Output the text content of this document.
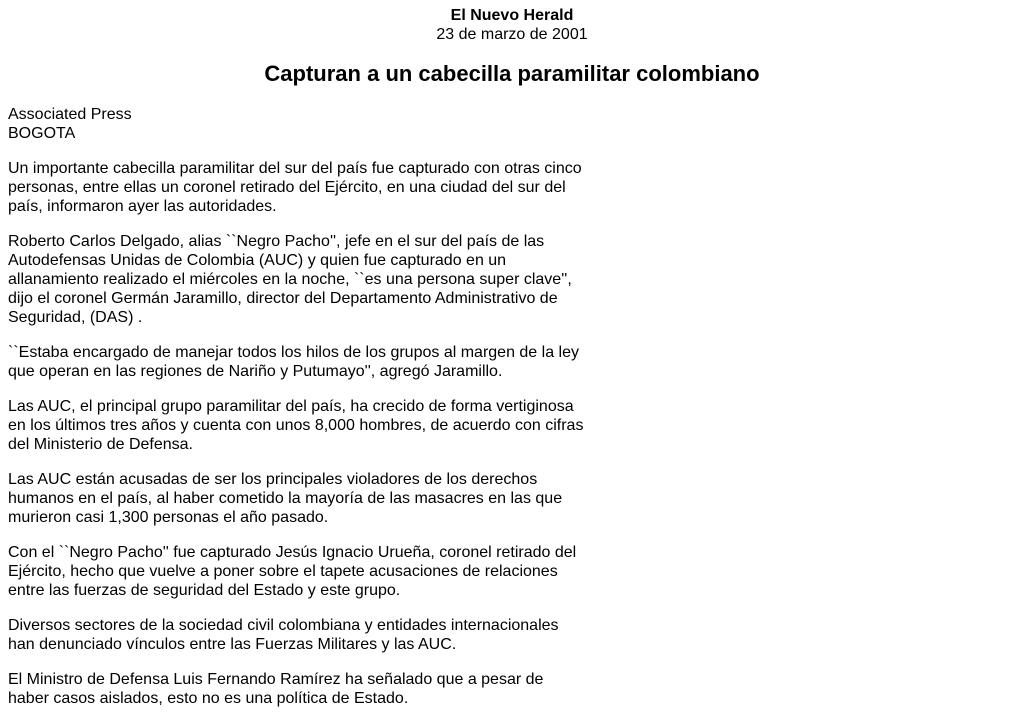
El Nuevo Herald
23 de marzo de 2001
Capturan a un cabecilla paramilitar colombiano
Associated Press
BOGOTA

Un importante cabecilla paramilitar del sur del país fue capturado con otras cinco personas, entre ellas un coronel retirado del Ejército, en una ciudad del sur del país, informaron ayer las autoridades.

Roberto Carlos Delgado, alias ``Negro Pacho'', jefe en el sur del país de las Autodefensas Unidas de Colombia (AUC) y quien fue capturado en un allanamiento realizado el miércoles en la noche, ``es una persona super clave'', dijo el coronel Germán Jaramillo, director del Departamento Administrativo de Seguridad, (DAS) .

``Estaba encargado de manejar todos los hilos de los grupos al margen de la ley que operan en las regiones de Nariño y Putumayo'', agregó Jaramillo.

Las AUC, el principal grupo paramilitar del país, ha crecido de forma vertiginosa en los últimos tres años y cuenta con unos 8,000 hombres, de acuerdo con cifras del Ministerio de Defensa.

Las AUC están acusadas de ser los principales violadores de los derechos humanos en el país, al haber cometido la mayoría de las masacres en las que murieron casi 1,300 personas el año pasado.

Con el ``Negro Pacho'' fue capturado Jesús Ignacio Urueña, coronel retirado del Ejército, hecho que vuelve a poner sobre el tapete acusaciones de relaciones entre las fuerzas de seguridad del Estado y este grupo.

Diversos sectores de la sociedad civil colombiana y entidades internacionales han denunciado vínculos entre las Fuerzas Militares y las AUC.

El Ministro de Defensa Luis Fernando Ramírez ha señalado que a pesar de haber casos aislados, esto no es una política de Estado.
